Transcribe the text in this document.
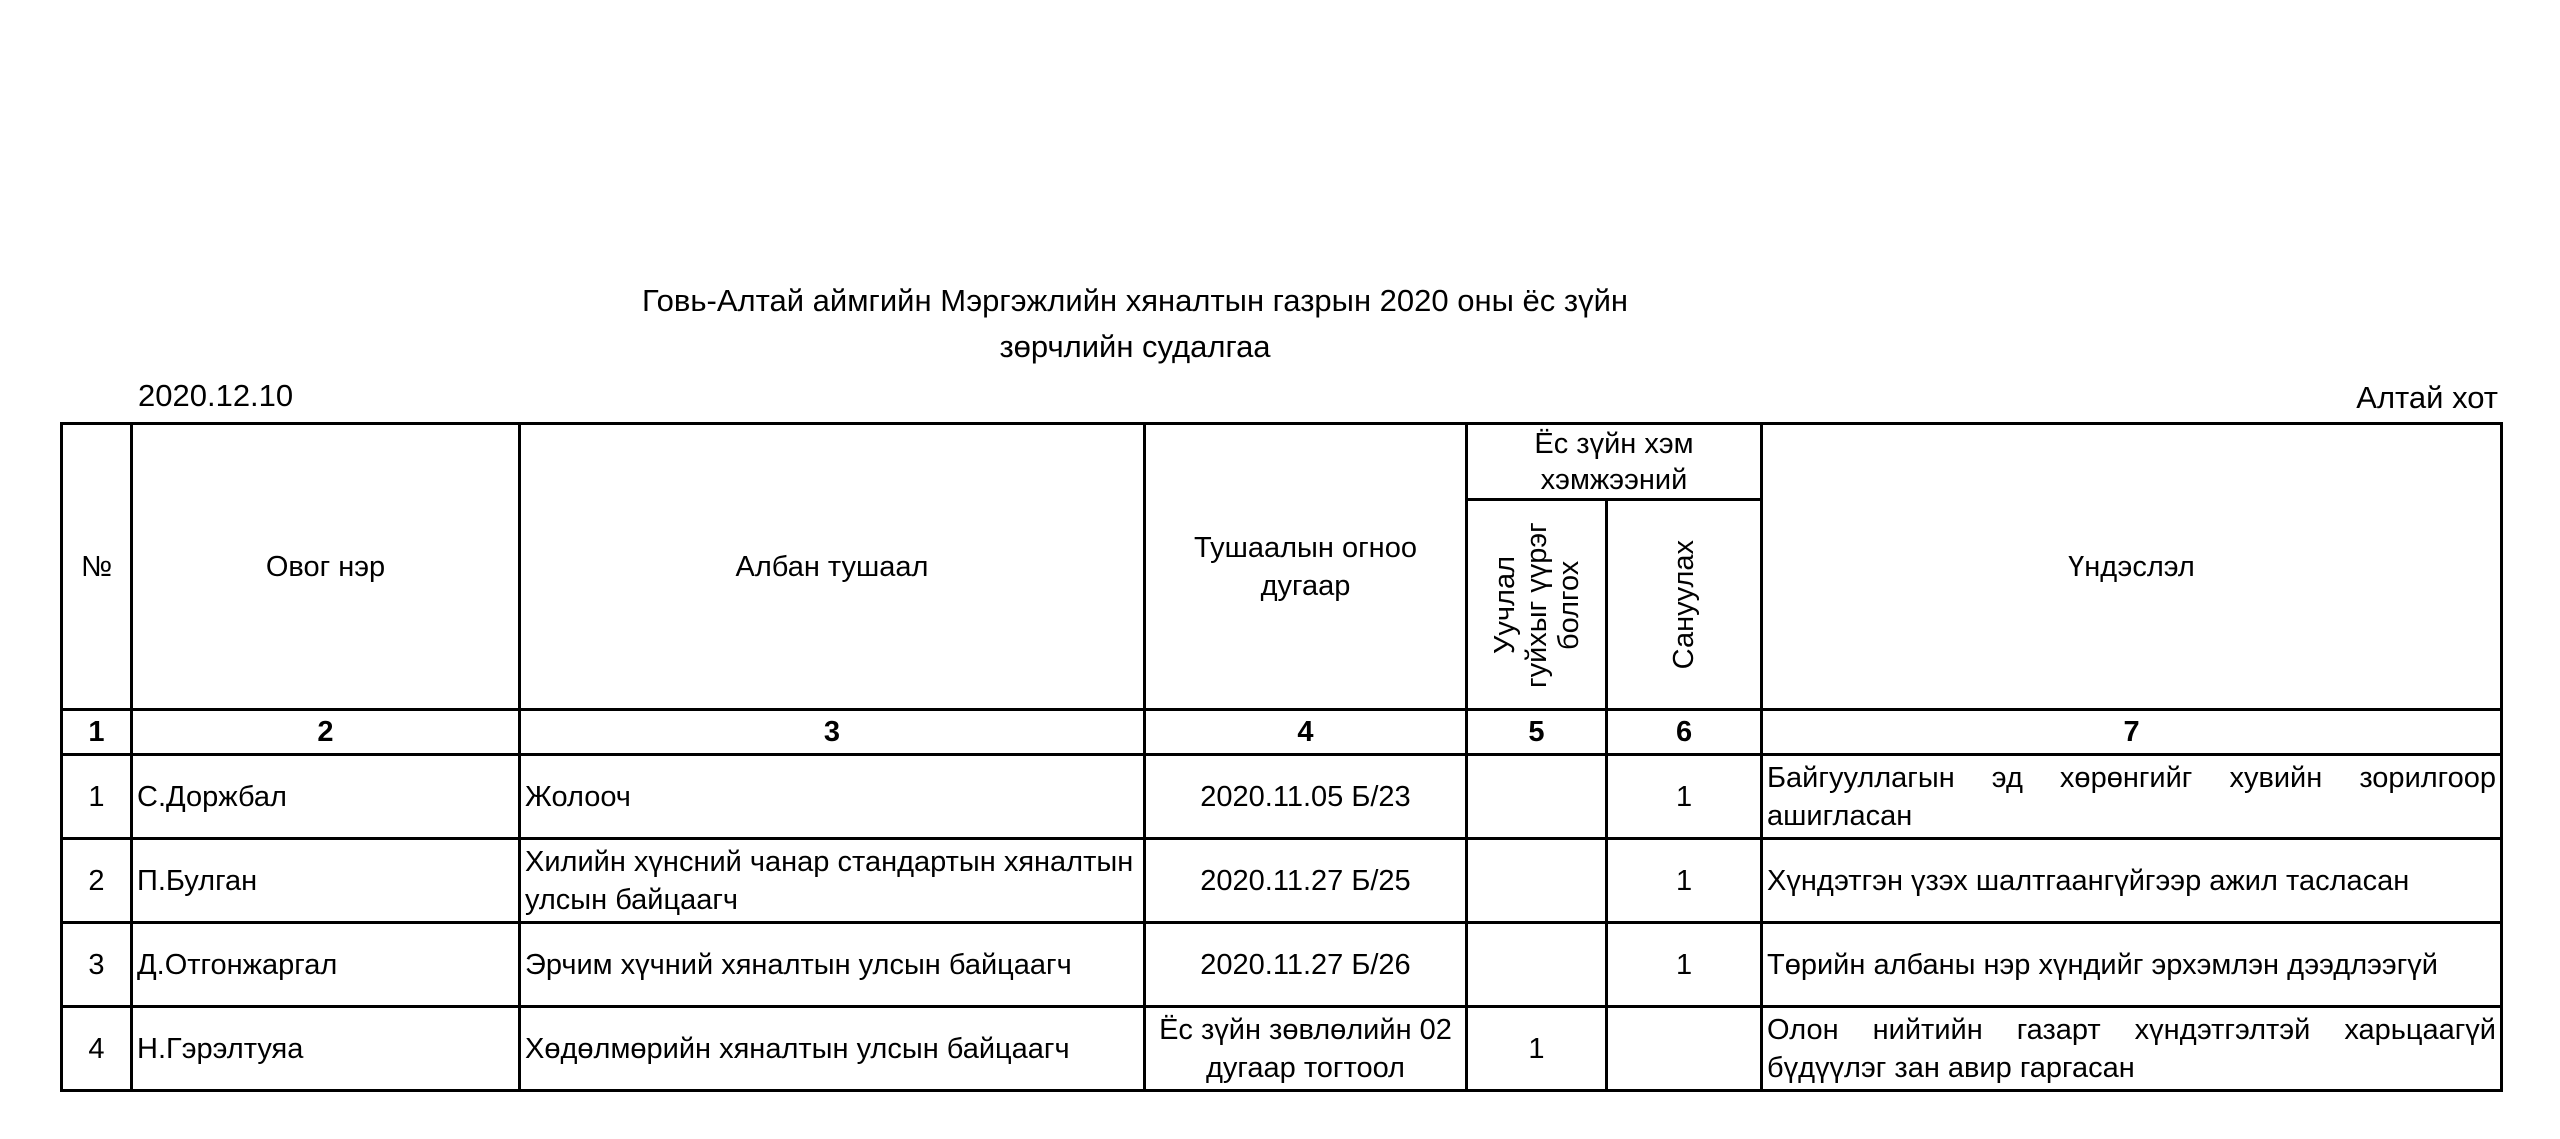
Говь-Алтай аймгийн Мэргэжлийн хяналтын газрын 2020 оны ёс зүйн
зөрчлийн судалгаа
2020.12.10	Алтай хот
№	Овог нэр	Албан тушаал	Тушаалын огноо дугаар	Ёс зүйн хэм хэмжээний		Үндэслэл

				Уучлал гуйхыг үүрэг болгох	Сануулах	

1	2	3	4	5	6	7
1	С.Доржбал	Жолооч	2020.11.05 Б/23		1	Байгууллагын эд хөрөнгийг хувийн зорилгоор ашигласан
2	П.Булган	Хилийн хүнсний чанар стандартын хяналтын улсын байцаагч	2020.11.27 Б/25		1	Хүндэтгэн үзэх шалтгаангүйгээр ажил тасласан
3	Д.Отгонжаргал	Эрчим хүчний хяналтын улсын байцаагч	2020.11.27 Б/26		1	Төрийн албаны нэр хүндийг эрхэмлэн дээдлээгүй
4	Н.Гэрэлтуяа	Хөдөлмөрийн хяналтын улсын байцаагч	Ёс зүйн зөвлөлийн 02 дугаар тогтоол	1		Олон нийтийн газарт хүндэтгэлтэй харьцаагүй бүдүүлэг зан авир гаргасан
